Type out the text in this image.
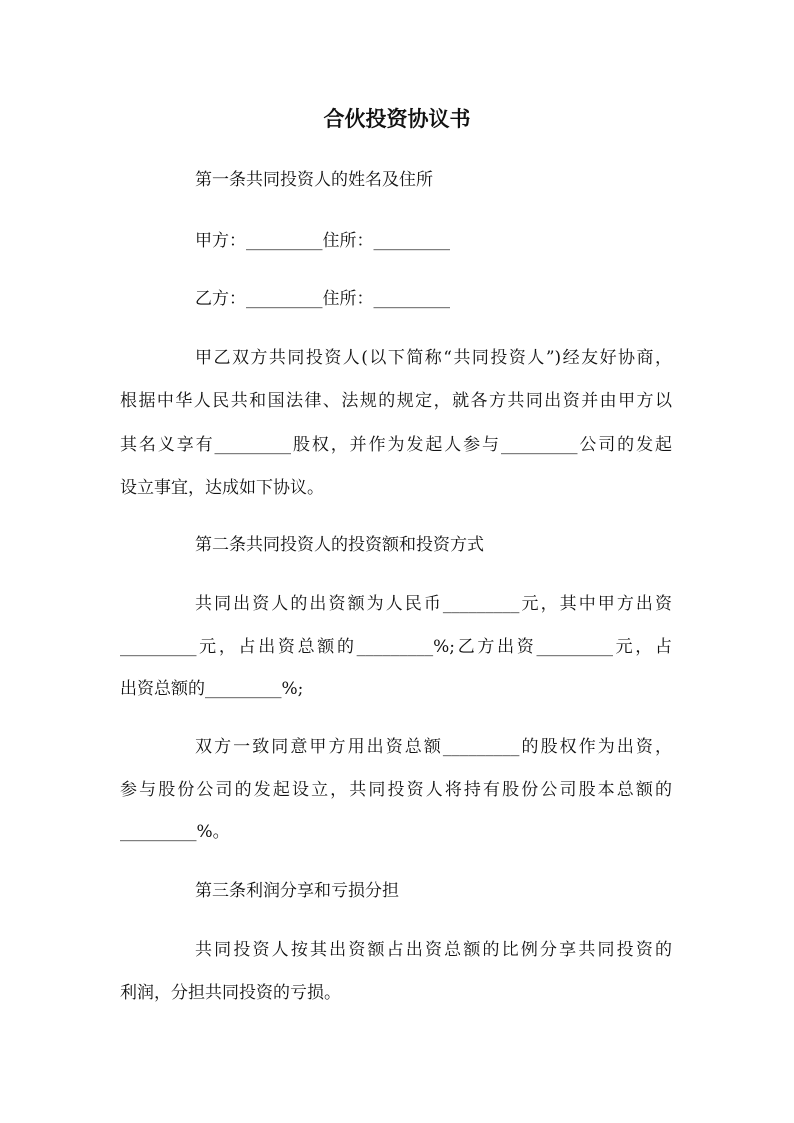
合伙投资协议书
第一条共同投资人的姓名及住所
甲方：_________住所：_________
乙方：_________住所：_________
甲乙双方共同投资人(以下简称“共同投资人”)经友好协商，
根据中华人民共和国法律、法规的规定，就各方共同出资并由甲方以
其名义享有_________股权，并作为发起人参与_________公司的发起
设立事宜，达成如下协议。
第二条共同投资人的投资额和投资方式
共同出资人的出资额为人民币_________元，其中甲方出资
_________元，占出资总额的_________%;乙方出资_________元，占
出资总额的_________%;
双方一致同意甲方用出资总额_________的股权作为出资，
参与股份公司的发起设立，共同投资人将持有股份公司股本总额的
_________%。
第三条利润分享和亏损分担
共同投资人按其出资额占出资总额的比例分享共同投资的
利润，分担共同投资的亏损。
